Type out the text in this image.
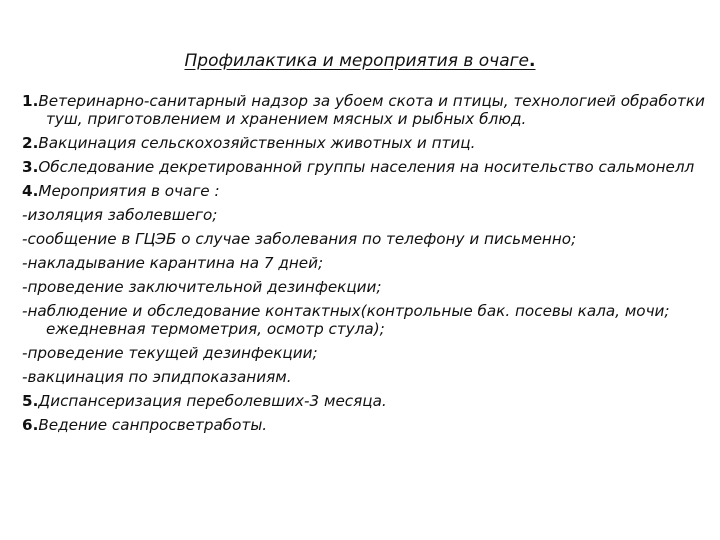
Профилактика и мероприятия в очаге.
1.Ветеринарно-санитарный надзор за убоем скота и птицы, технологией обработки туш, приготовлением и хранением мясных и рыбных блюд.
2.Вакцинация сельскохозяйственных животных и птиц.
3.Обследование декретированной группы населения на носительство сальмонелл
4.Мероприятия в очаге :
-изоляция заболевшего;
-сообщение в ГЦЭБ о случае заболевания по телефону и письменно;
-накладывание карантина на 7 дней;
-проведение заключительной дезинфекции;
-наблюдение и обследование контактных(контрольные бак. посевы кала, мочи; ежедневная термометрия, осмотр стула);
-проведение текущей дезинфекции;
-вакцинация по эпидпоказаниям.
5.Диспансеризация переболевших-3 месяца.
6.Ведение санпросветработы.
